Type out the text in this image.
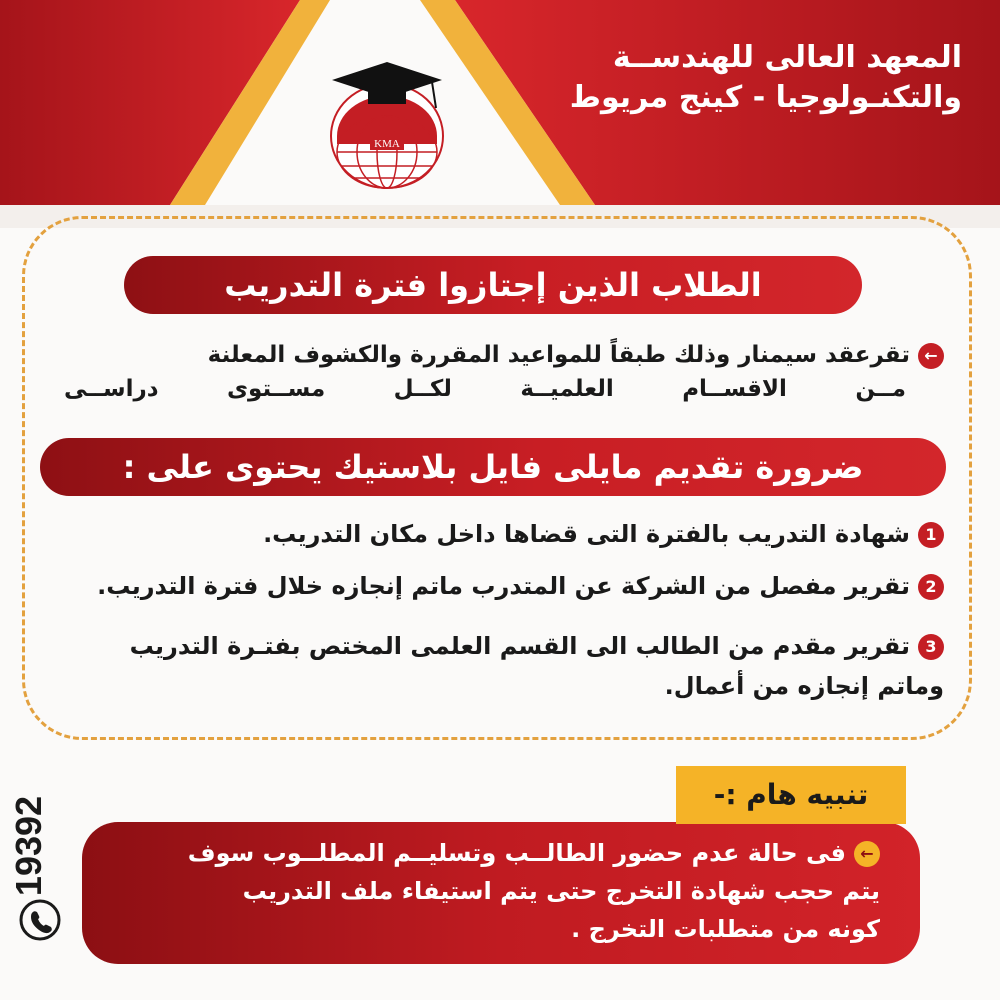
المعهد العالى للهندســة
والتكنـولوجيا - كينج مريوط
KMA
الطلاب الذين إجتازوا فترة التدريب
←تقرعقد سيمنار وذلك طبقاً للمواعيد المقررة والكشوف المعلنة
مــن الاقســام العلميــة لكــل مســتوى دراســى
ضرورة تقديم مايلى فايل بلاستيك يحتوى على :
1شهادة التدريب بالفترة التى قضاها داخل مكان التدريب.
2تقرير مفصل من الشركة عن المتدرب ماتم إنجازه خلال فترة التدريب.
3تقرير مقدم من الطالب الى القسم العلمى المختص بفتـرة التدريب
وماتم إنجازه من أعمال.
تنبيه هام :-
←فى حالة عدم حضور الطالــب وتسليــم المطلــوب سوف
يتم حجب شهادة التخرج حتى يتم استيفاء ملف التدريب
كونه من متطلبات التخرج .
19392
